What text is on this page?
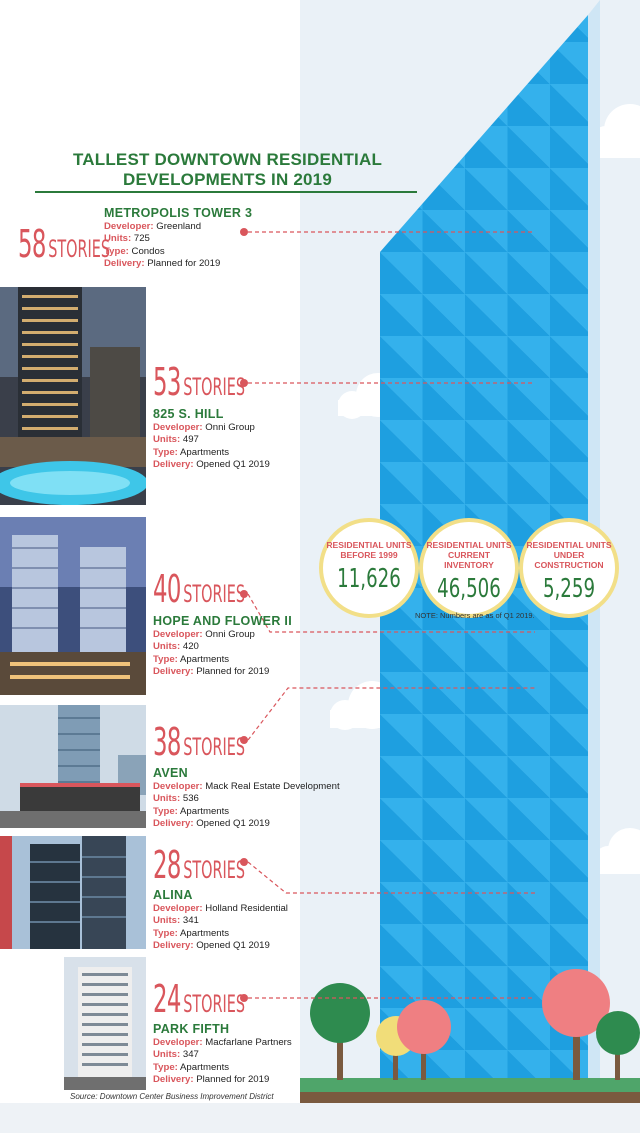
TALLEST DOWNTOWN RESIDENTIAL
DEVELOPMENTS IN 2019
58STORIES
53STORIES
40STORIES
38STORIES
28STORIES
24STORIES
METROPOLIS TOWER 3
Developer: Greenland
Units: 725
Type: Condos
Delivery: Planned for 2019
825 S. HILL
Developer: Onni Group
Units: 497
Type: Apartments
Delivery: Opened Q1 2019
HOPE AND FLOWER II
Developer: Onni Group
Units: 420
Type: Apartments
Delivery: Planned for 2019
AVEN
Developer: Mack Real Estate Development
Units: 536
Type: Apartments
Delivery: Opened Q1 2019
ALINA
Developer: Holland Residential
Units: 341
Type: Apartments
Delivery: Opened Q1 2019
PARK FIFTH
Developer: Macfarlane Partners
Units: 347
Type: Apartments
Delivery: Planned for 2019
RESIDENTIAL UNITS
BEFORE 1999
11,626
RESIDENTIAL UNITS
CURRENT INVENTORY
46,506
RESIDENTIAL UNITS
UNDER CONSTRUCTION
5,259
NOTE: Numbers are as of Q1 2019.
Source: Downtown Center Business Improvement District
